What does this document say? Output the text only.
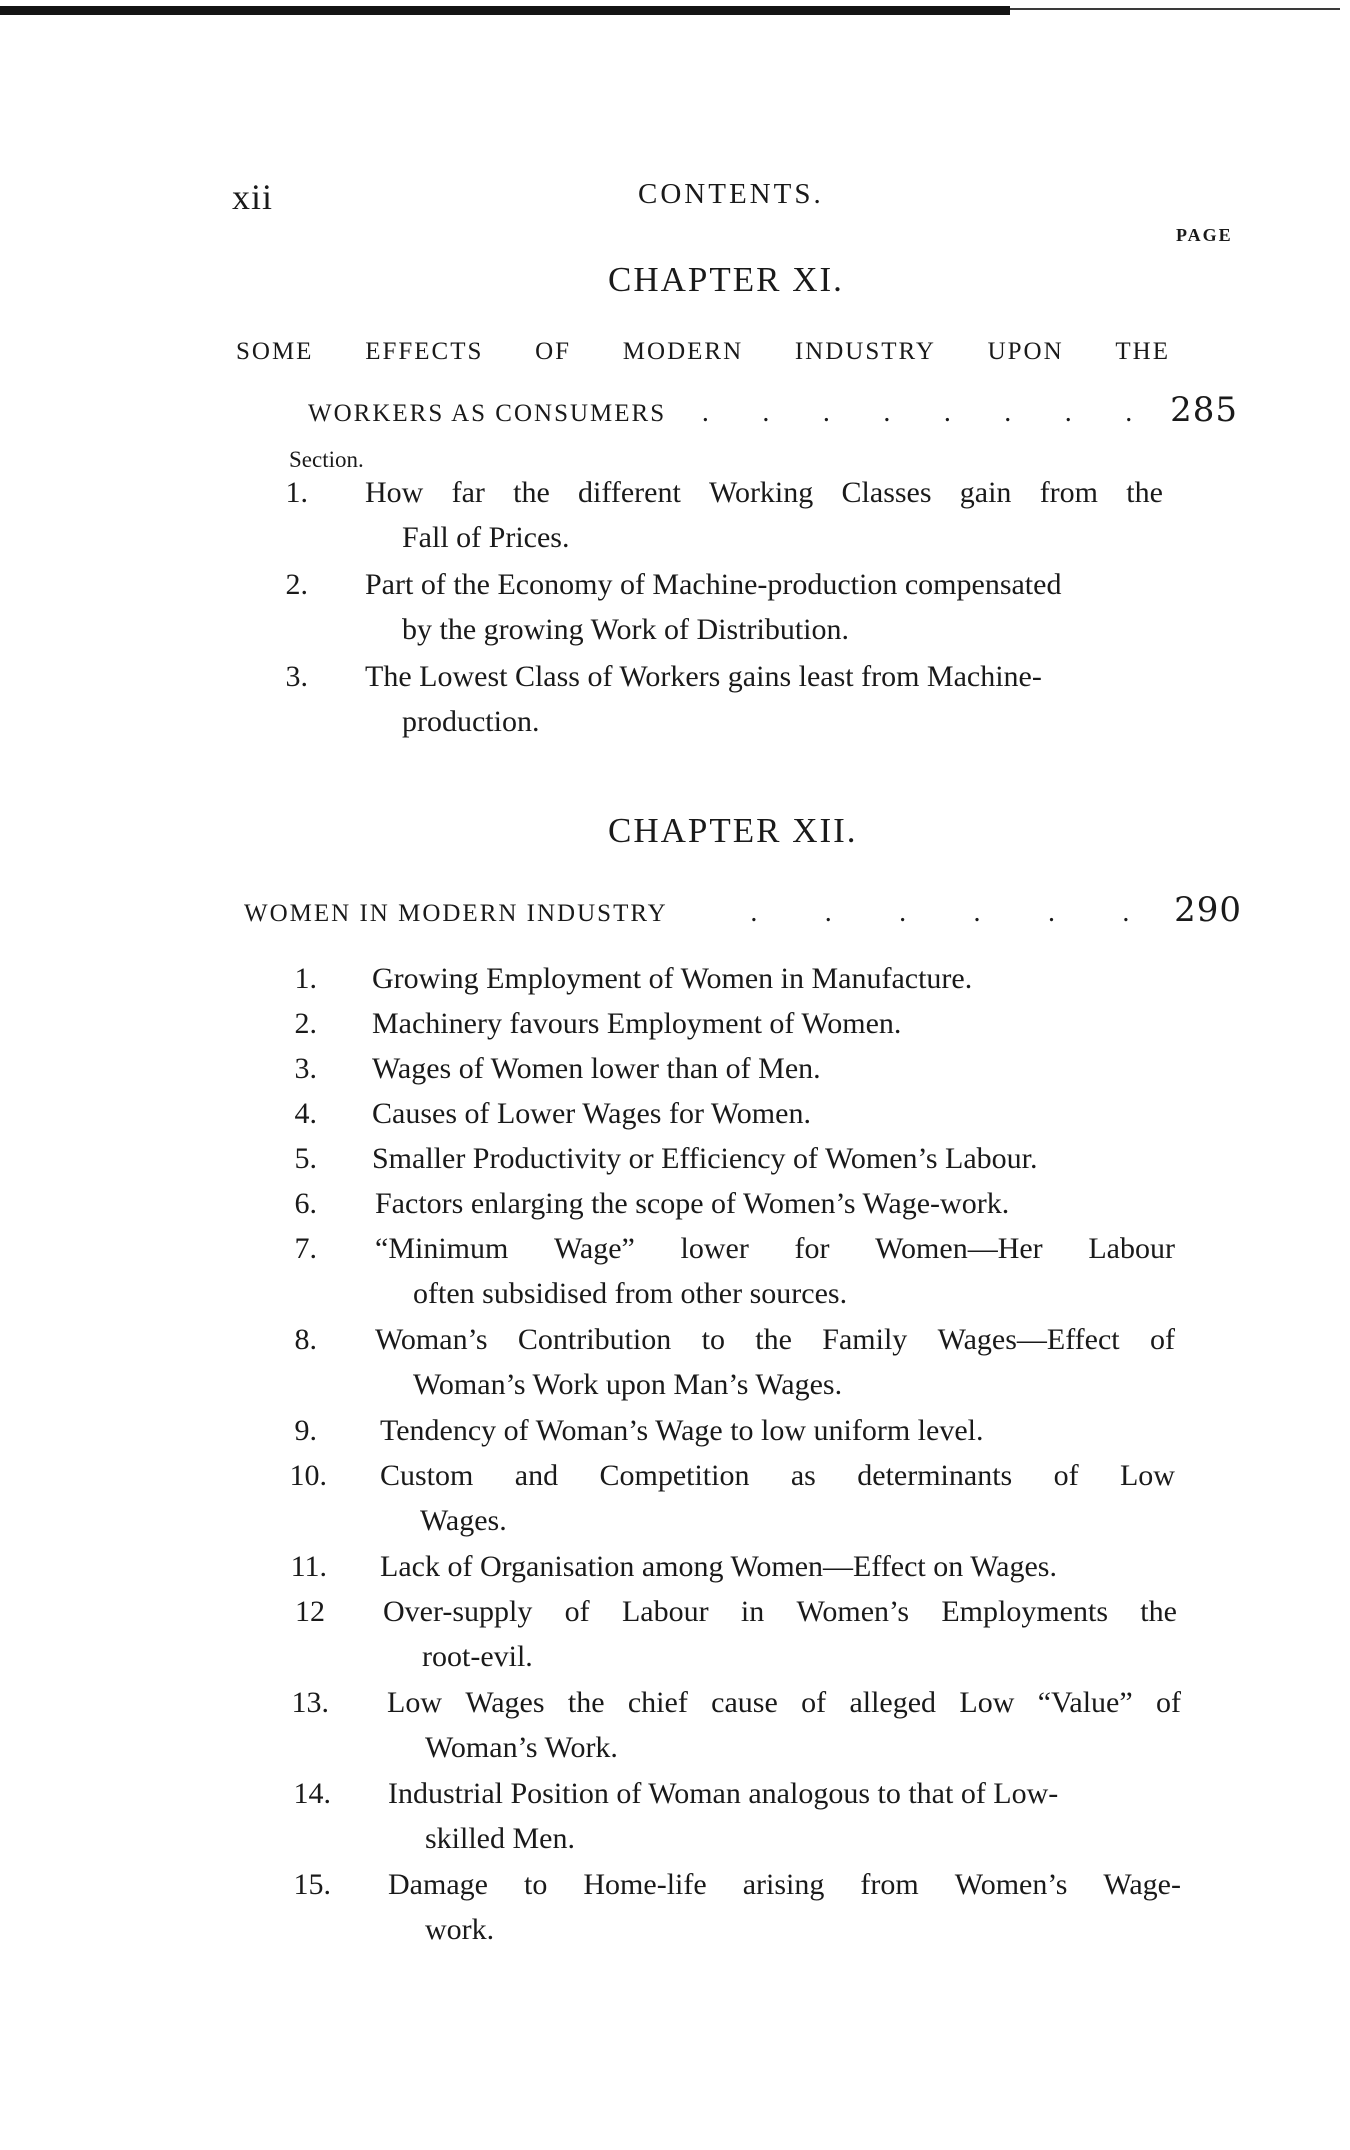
xii	CONTENTS.
PAGE
CHAPTER XI.
SOME EFFECTS OF MODERN INDUSTRY UPON THE
WORKERS AS CONSUMERS . . . . . . . . 285
Section.
1. How far the different Working Classes gain from the
Fall of Prices.
2.	Part of the Economy of Machine-production compensated
by the growing Work of Distribution.
3.	The Lowest Class of Workers gains least from Machine-
production.
CHAPTER XII.
WOMEN IN MODERN INDUSTRY	. . . . . . 290
1.	Growing Employment of Women in Manufacture.
2.	Machinery favours Employment of Women.
3.	Wages of Women lower than of Men.
4.	Causes of Lower Wages for Women.
5.	Smaller Productivity or Efficiency of Women’s Labour.
6.	Factors enlarging the scope of Women’s Wage-work.
7. “Minimum Wage” lower for Women—Her Labour
often subsidised from other sources.
8. Woman’s Contribution to the Family Wages—Effect of
Woman’s Work upon Man’s Wages.
9.	Tendency of Woman’s Wage to low uniform level.
10. Custom and Competition as determinants of Low
Wages.
11.	Lack of Organisation among Women—Effect on Wages.
12 Over-supply of Labour in Women’s Employments the
root-evil.
13. Low Wages the chief cause of alleged Low “Value” of
Woman’s Work.
14.	Industrial Position of Woman analogous to that of Low-
skilled Men.
15. Damage to Home-life arising from Women’s Wage-
work.
